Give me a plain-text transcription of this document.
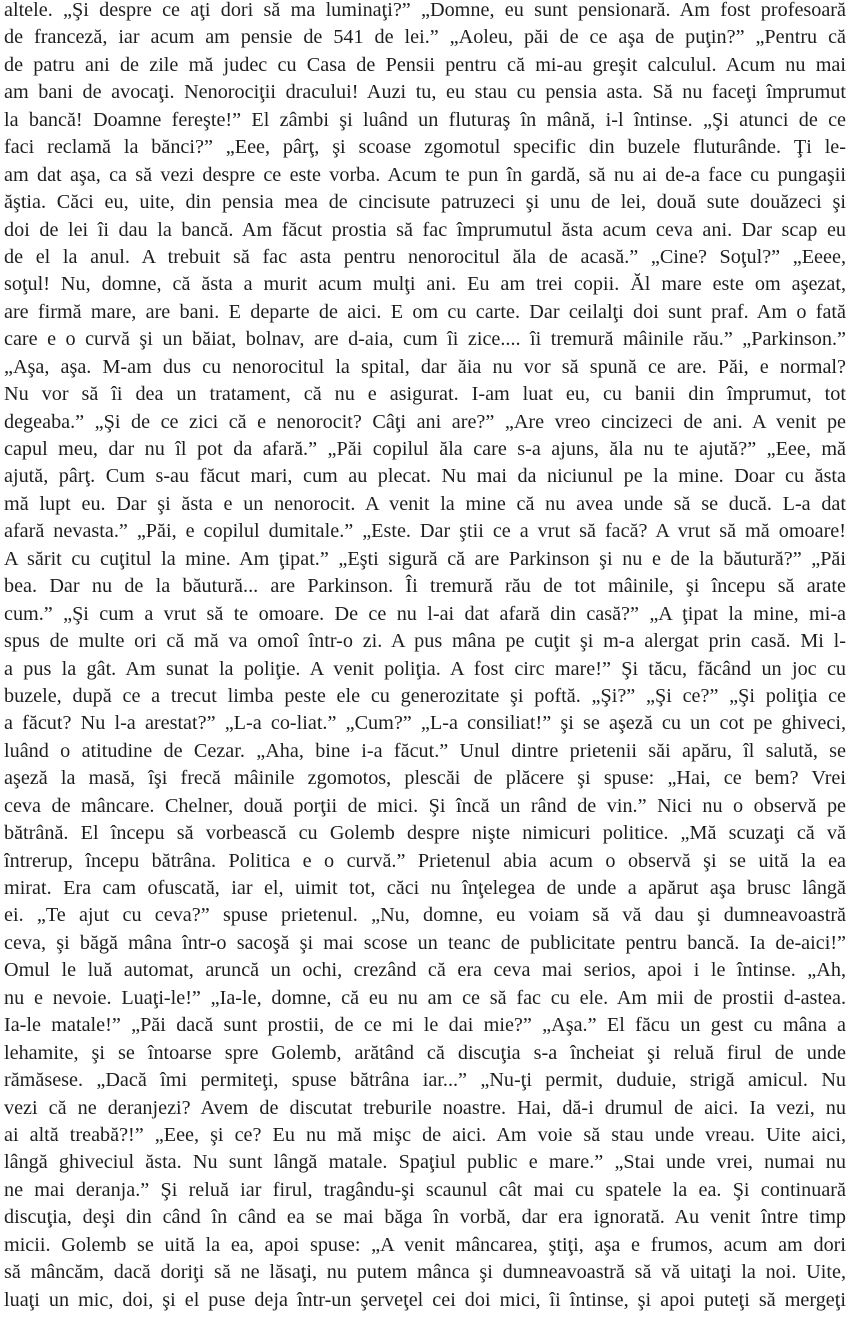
altele. „Şi despre ce aţi dori să ma luminaţi?” „Domne, eu sunt pensionară. Am fost profesoară
de franceză, iar acum am pensie de 541 de lei.” „Aoleu, păi de ce aşa de puţin?” „Pentru că
de patru ani de zile mă judec cu Casa de Pensii pentru că mi-au greşit calculul. Acum nu mai
am bani de avocaţi. Nenorociţii dracului! Auzi tu, eu stau cu pensia asta. Să nu faceţi împrumut
la bancă! Doamne fereşte!” El zâmbi şi luând un fluturaş în mână, i-l întinse. „Şi atunci de ce
faci reclamă la bănci?” „Eee, pârţ, şi scoase zgomotul specific din buzele fluturânde. Ţi le-
am dat aşa, ca să vezi despre ce este vorba. Acum te pun în gardă, să nu ai de-a face cu pungaşii
ăştia. Căci eu, uite, din pensia mea de cincisute patruzeci şi unu de lei, două sute douăzeci şi
doi de lei îi dau la bancă. Am făcut prostia să fac împrumutul ăsta acum ceva ani. Dar scap eu
de el la anul. A trebuit să fac asta pentru nenorocitul ăla de acasă.” „Cine? Soţul?” „Eeee,
soţul! Nu, domne, că ăsta a murit acum mulţi ani. Eu am trei copii. Ăl mare este om aşezat,
are firmă mare, are bani. E departe de aici. E om cu carte. Dar ceilalţi doi sunt praf. Am o fată
care e o curvă şi un băiat, bolnav, are d-aia, cum îi zice.... îi tremură mâinile rău.” „Parkinson.”
„Aşa, aşa. M-am dus cu nenorocitul la spital, dar ăia nu vor să spună ce are. Păi, e normal?
Nu vor să îi dea un tratament, că nu e asigurat. I-am luat eu, cu banii din împrumut, tot
degeaba.” „Şi de ce zici că e nenorocit? Câţi ani are?” „Are vreo cincizeci de ani. A venit pe
capul meu, dar nu îl pot da afară.” „Păi copilul ăla care s-a ajuns, ăla nu te ajută?” „Eee, mă
ajută, pârţ. Cum s-au făcut mari, cum au plecat. Nu mai da niciunul pe la mine. Doar cu ăsta
mă lupt eu. Dar şi ăsta e un nenorocit. A venit la mine că nu avea unde să se ducă. L-a dat
afară nevasta.” „Păi, e copilul dumitale.” „Este. Dar ştii ce a vrut să facă? A vrut să mă omoare!
A sărit cu cuţitul la mine. Am ţipat.” „Eşti sigură că are Parkinson şi nu e de la băutură?” „Păi
bea. Dar nu de la băutură... are Parkinson. Îi tremură rău de tot mâinile, şi începu să arate
cum.” „Şi cum a vrut să te omoare. De ce nu l-ai dat afară din casă?” „A ţipat la mine, mi-a
spus de multe ori că mă va omoî într-o zi. A pus mâna pe cuţit şi m-a alergat prin casă. Mi l-
a pus la gât. Am sunat la poliţie. A venit poliţia. A fost circ mare!” Şi tăcu, făcând un joc cu
buzele, după ce a trecut limba peste ele cu generozitate şi poftă. „Şi?” „Şi ce?” „Şi poliţia ce
a făcut? Nu l-a arestat?” „L-a co-liat.” „Cum?” „L-a consiliat!” şi se aşeză cu un cot pe ghiveci,
luând o atitudine de Cezar. „Aha, bine i-a făcut.” Unul dintre prietenii săi apăru, îl salută, se
aşeză la masă, îşi frecă mâinile zgomotos, plescăi de plăcere şi spuse: „Hai, ce bem? Vrei
ceva de mâncare. Chelner, două porţii de mici. Şi încă un rând de vin.” Nici nu o observă pe
bătrână. El începu să vorbească cu Golemb despre nişte nimicuri politice. „Mă scuzaţi că vă
întrerup, începu bătrâna. Politica e o curvă.” Prietenul abia acum o observă şi se uită la ea
mirat. Era cam ofuscată, iar el, uimit tot, căci nu înţelegea de unde a apărut aşa brusc lângă
ei. „Te ajut cu ceva?” spuse prietenul. „Nu, domne, eu voiam să vă dau şi dumneavoastră
ceva, şi băgă mâna într-o sacoşă şi mai scose un teanc de publicitate pentru bancă. Ia de-aici!”
Omul le luă automat, aruncă un ochi, crezând că era ceva mai serios, apoi i le întinse. „Ah,
nu e nevoie. Luaţi-le!” „Ia-le, domne, că eu nu am ce să fac cu ele. Am mii de prostii d-astea.
Ia-le matale!” „Păi dacă sunt prostii, de ce mi le dai mie?” „Aşa.” El făcu un gest cu mâna a
lehamite, şi se întoarse spre Golemb, arătând că discuţia s-a încheiat şi reluă firul de unde
rămăsese. „Dacă îmi permiteţi, spuse bătrâna iar...” „Nu-ţi permit, duduie, strigă amicul. Nu
vezi că ne deranjezi? Avem de discutat treburile noastre. Hai, dă-i drumul de aici. Ia vezi, nu
ai altă treabă?!” „Eee, şi ce? Eu nu mă mişc de aici. Am voie să stau unde vreau. Uite aici,
lângă ghiveciul ăsta. Nu sunt lângă matale. Spaţiul public e mare.” „Stai unde vrei, numai nu
ne mai deranja.” Şi reluă iar firul, tragându-şi scaunul cât mai cu spatele la ea. Şi continuară
discuţia, deşi din când în când ea se mai băga în vorbă, dar era ignorată. Au venit între timp
micii. Golemb se uită la ea, apoi spuse: „A venit mâncarea, ştiţi, aşa e frumos, acum am dori
să mâncăm, dacă doriţi să ne lăsaţi, nu putem mânca şi dumneavoastră să vă uitaţi la noi. Uite,
luaţi un mic, doi, şi el puse deja într-un şerveţel cei doi mici, îi întinse, şi apoi puteţi să mergeţi
